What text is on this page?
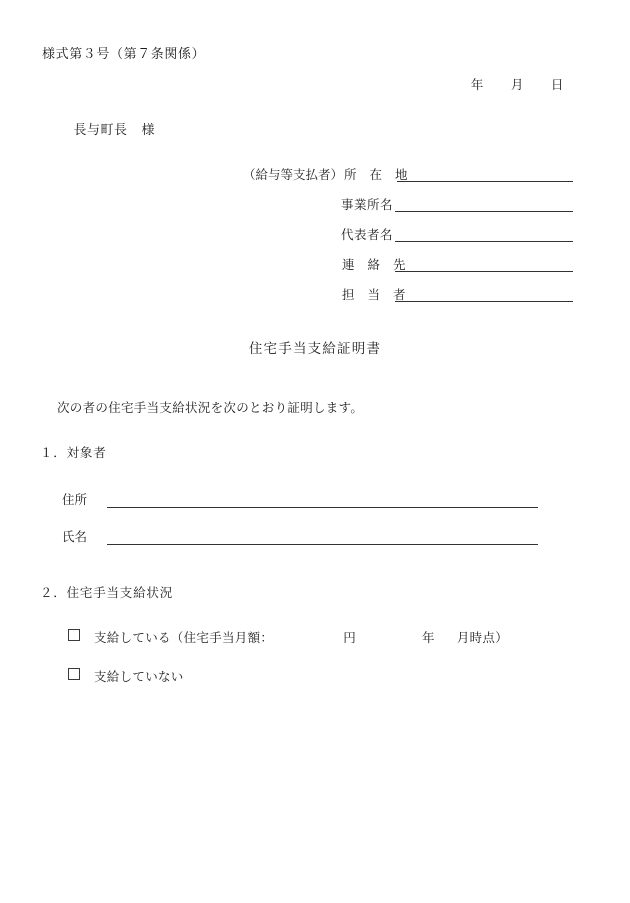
様式第３号（第７条関係）

年 月 日

長与町長 様

（給与等支払者） 所 在 地
事業所名
代表者名
連 絡 先
担 当 者
住宅手当支給証明書
次の者の住宅手当支給状況を次のとおり証明します。
１．対象者
住所
氏名
２．住宅手当支給状況
支給している（住宅手当月額：	円	年 月時点）
支給していない
